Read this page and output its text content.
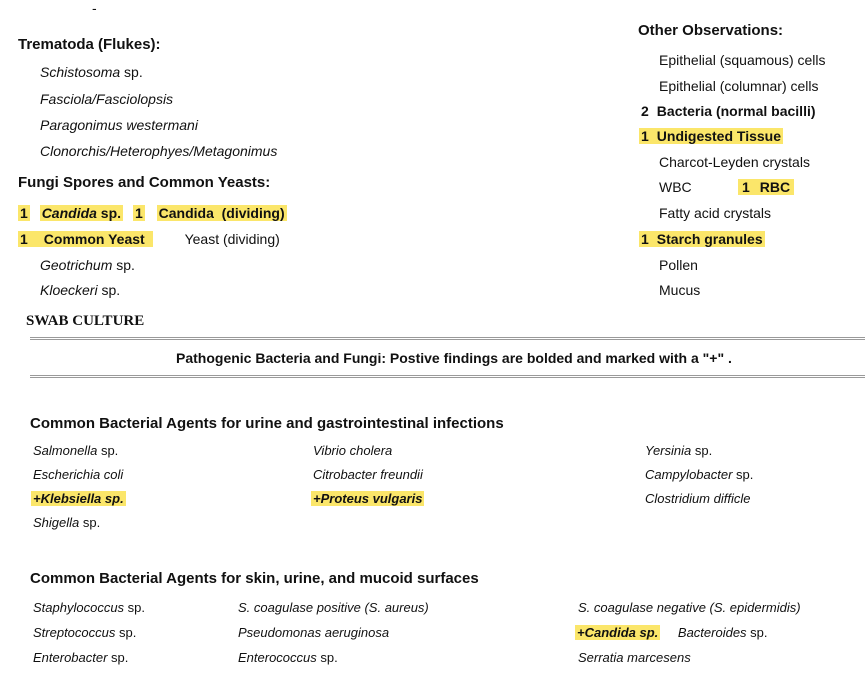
-
Trematoda (Flukes):
Schistosoma sp.
Fasciola/Fasciolopsis
Paragonimus westermani
Clonorchis/Heterophyes/Metagonimus
Fungi Spores and Common Yeasts:
1 Candida sp. 1 Candida  (dividing)
1 Common Yeast	Yeast (dividing)
Geotrichum sp.
Kloeckeri sp.
Other Observations:
Epithelial (squamous) cells
Epithelial (columnar) cells
2 Bacteria (normal bacilli)
1 Undigested Tissue
Charcot-Leyden crystals
WBC	1 RBC
Fatty acid crystals
1 Starch granules
Pollen
Mucus
SWAB CULTURE
Pathogenic Bacteria and Fungi: Postive findings are bolded and marked with a "+" .
Common Bacterial Agents for urine and gastrointestinal infections
Salmonella sp.
Escherichia coli
+Klebsiella sp.
Shigella sp.
Vibrio cholera
Citrobacter freundii
+Proteus vulgaris
Yersinia sp.
Campylobacter sp.
Clostridium difficle
Common Bacterial Agents for skin, urine, and mucoid surfaces
Staphylococcus sp.
Streptococcus sp.
Enterobacter sp.
S. coagulase positive (S. aureus)
Pseudomonas aeruginosa
Enterococcus sp.
S. coagulase negative (S. epidermidis)
+Candida sp. Bacteroides sp.
Serratia marcesens
